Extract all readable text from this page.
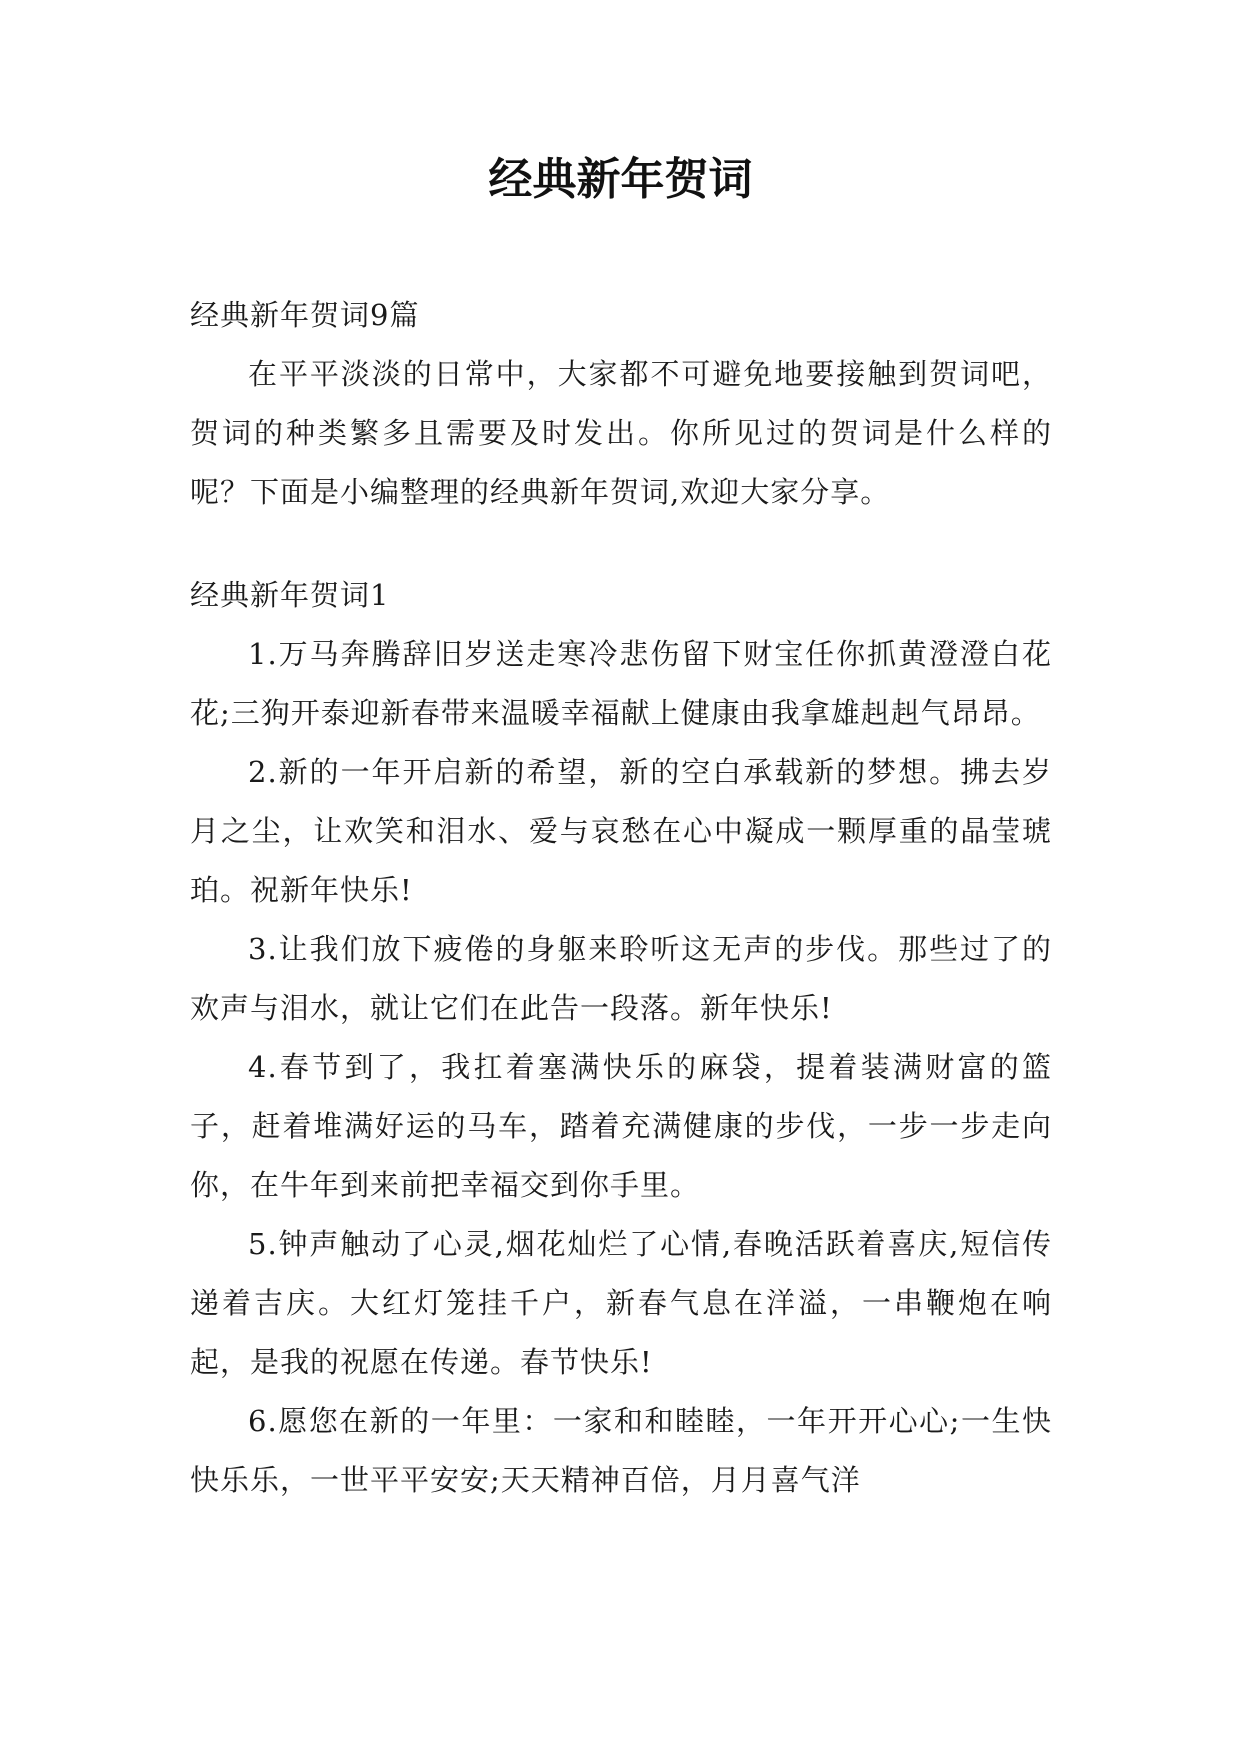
经典新年贺词

经典新年贺词9篇

在平平淡淡的日常中，大家都不可避免地要接触到贺词吧，贺词的种类繁多且需要及时发出。你所见过的贺词是什么样的呢？下面是小编整理的经典新年贺词,欢迎大家分享。

经典新年贺词1

1.万马奔腾辞旧岁送走寒冷悲伤留下财宝任你抓黄澄澄白花花;三狗开泰迎新春带来温暖幸福献上健康由我拿雄赳赳气昂昂。
2.新的一年开启新的希望，新的空白承载新的梦想。拂去岁月之尘，让欢笑和泪水、爱与哀愁在心中凝成一颗厚重的晶莹琥珀。祝新年快乐!
3.让我们放下疲倦的身躯来聆听这无声的步伐。那些过了的欢声与泪水，就让它们在此告一段落。新年快乐!
4.春节到了，我扛着塞满快乐的麻袋，提着装满财富的篮子，赶着堆满好运的马车，踏着充满健康的步伐，一步一步走向你，在牛年到来前把幸福交到你手里。
5.钟声触动了心灵,烟花灿烂了心情,春晚活跃着喜庆,短信传递着吉庆。大红灯笼挂千户，新春气息在洋溢，一串鞭炮在响起，是我的祝愿在传递。春节快乐!
6.愿您在新的一年里：一家和和睦睦，一年开开心心;一生快快乐乐，一世平平安安;天天精神百倍，月月喜气洋
